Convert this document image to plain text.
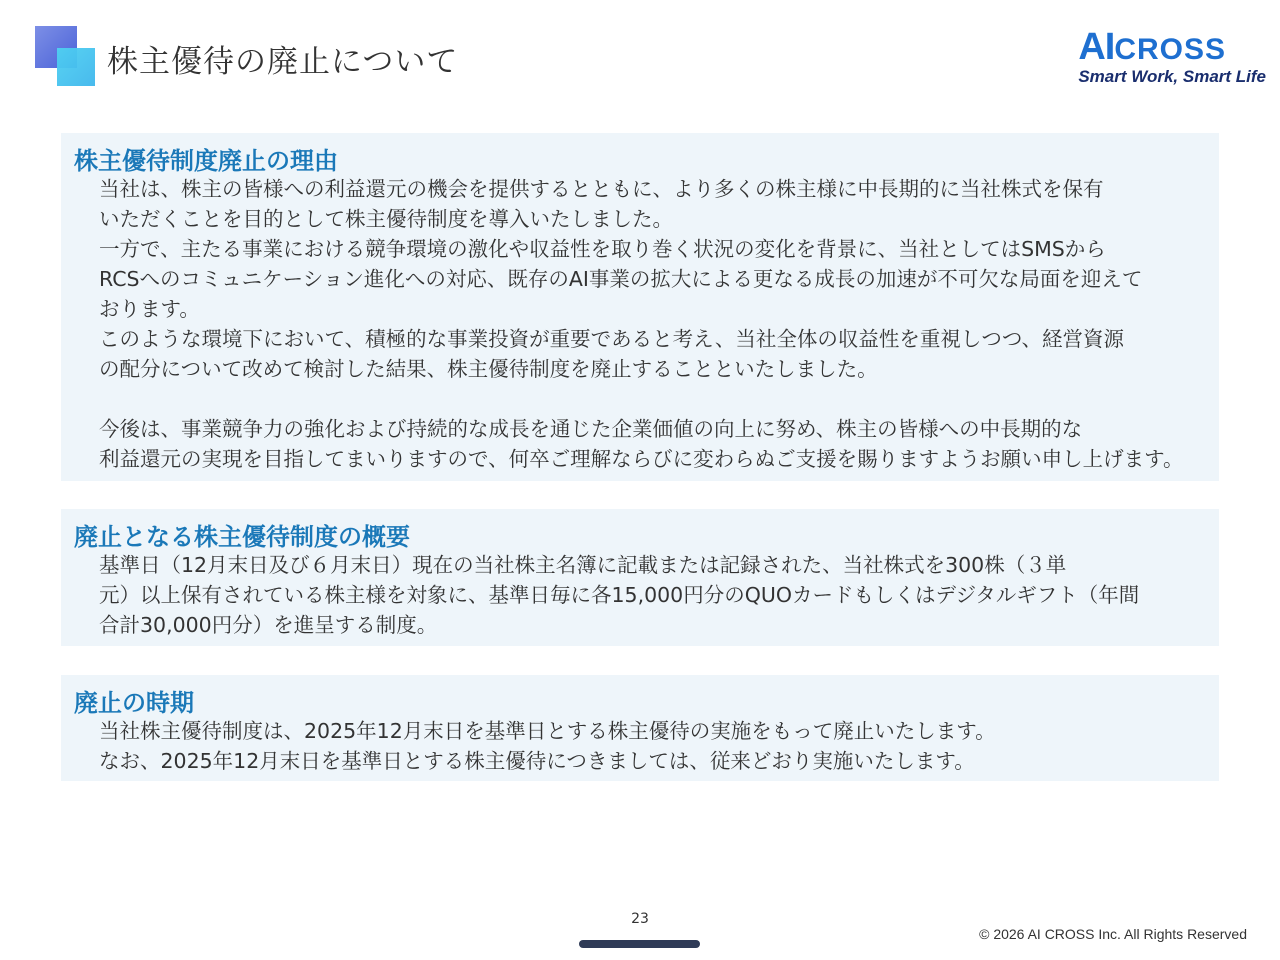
株主優待の廃止について	AICROSS
Smart Work, Smart Life
株主優待制度廃止の理由
当社は、株主の皆様への利益還元の機会を提供するとともに、より多くの株主様に中長期的に当社株式を保有
いただくことを目的として株主優待制度を導入いたしました。
一方で、主たる事業における競争環境の激化や収益性を取り巻く状況の変化を背景に、当社としてはSMSから
RCSへのコミュニケーション進化への対応、既存のAI事業の拡大による更なる成長の加速が不可欠な局面を迎えて
おります。
このような環境下において、積極的な事業投資が重要であると考え、当社全体の収益性を重視しつつ、経営資源
の配分について改めて検討した結果、株主優待制度を廃止することといたしました。
今後は、事業競争力の強化および持続的な成長を通じた企業価値の向上に努め、株主の皆様への中長期的な
利益還元の実現を目指してまいりますので、何卒ご理解ならびに変わらぬご支援を賜りますようお願い申し上げます。
廃止となる株主優待制度の概要
基準日（12月末日及び６月末日）現在の当社株主名簿に記載または記録された、当社株式を300株（３単
元）以上保有されている株主様を対象に、基準日毎に各15,000円分のQUOカードもしくはデジタルギフト（年間
合計30,000円分）を進呈する制度。
廃止の時期
当社株主優待制度は、2025年12月末日を基準日とする株主優待の実施をもって廃止いたします。
なお、2025年12月末日を基準日とする株主優待につきましては、従来どおり実施いたします。
23
© 2026 AI CROSS Inc. All Rights Reserved
